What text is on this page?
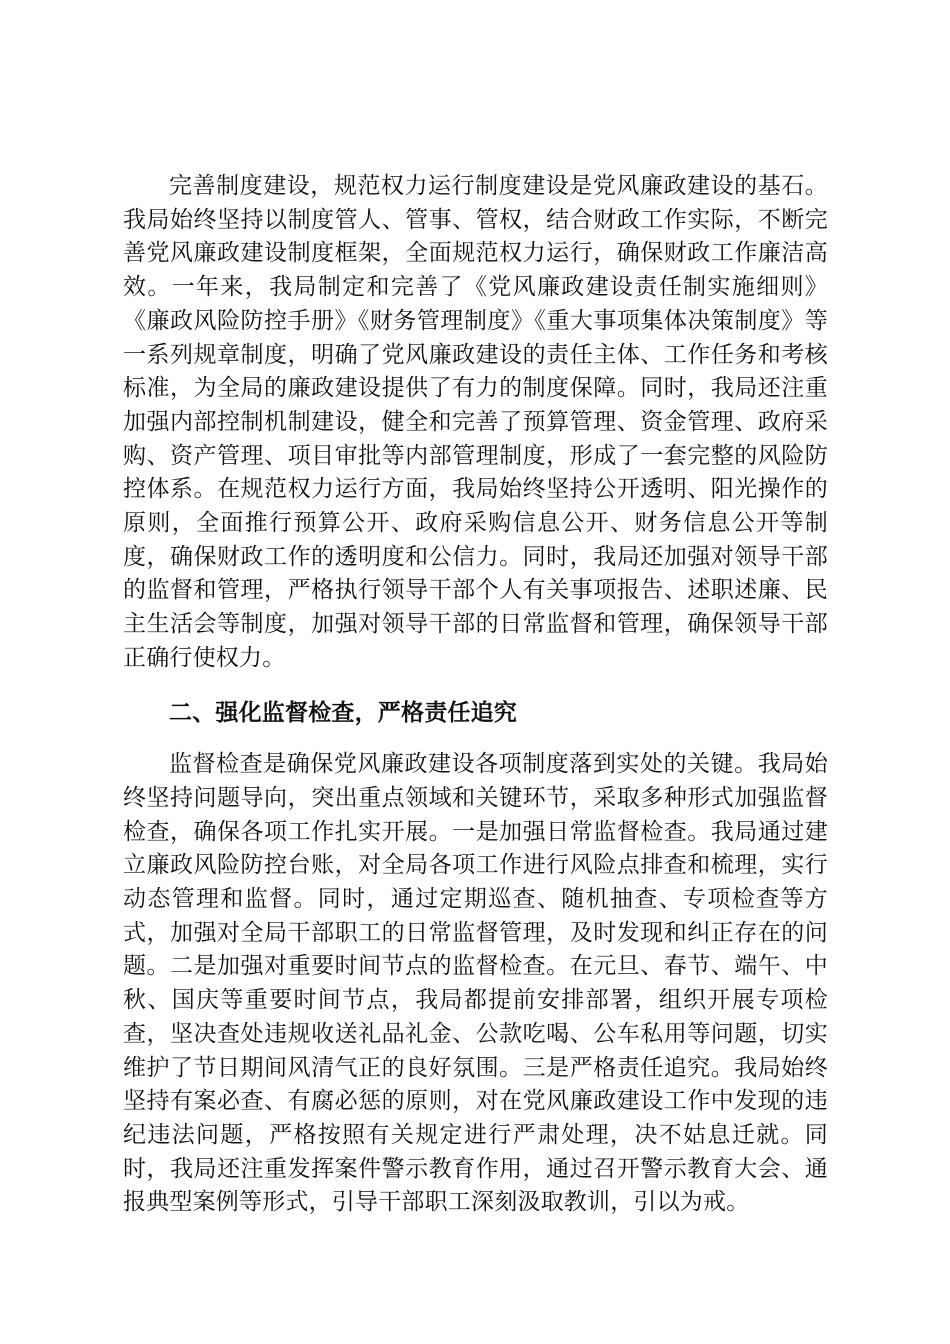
完善制度建设，规范权力运行制度建设是党风廉政建设的基石。我局始终坚持以制度管人、管事、管权，结合财政工作实际，不断完善党风廉政建设制度框架，全面规范权力运行，确保财政工作廉洁高效。一年来，我局制定和完善了《党风廉政建设责任制实施细则》《廉政风险防控手册》《财务管理制度》《重大事项集体决策制度》等一系列规章制度，明确了党风廉政建设的责任主体、工作任务和考核标准，为全局的廉政建设提供了有力的制度保障。同时，我局还注重加强内部控制机制建设，健全和完善了预算管理、资金管理、政府采购、资产管理、项目审批等内部管理制度，形成了一套完整的风险防控体系。在规范权力运行方面，我局始终坚持公开透明、阳光操作的原则，全面推行预算公开、政府采购信息公开、财务信息公开等制度，确保财政工作的透明度和公信力。同时，我局还加强对领导干部的监督和管理，严格执行领导干部个人有关事项报告、述职述廉、民主生活会等制度，加强对领导干部的日常监督和管理，确保领导干部正确行使权力。

二、强化监督检查，严格责任追究

监督检查是确保党风廉政建设各项制度落到实处的关键。我局始终坚持问题导向，突出重点领域和关键环节，采取多种形式加强监督检查，确保各项工作扎实开展。一是加强日常监督检查。我局通过建立廉政风险防控台账，对全局各项工作进行风险点排查和梳理，实行动态管理和监督。同时，通过定期巡查、随机抽查、专项检查等方式，加强对全局干部职工的日常监督管理，及时发现和纠正存在的问题。二是加强对重要时间节点的监督检查。在元旦、春节、端午、中秋、国庆等重要时间节点，我局都提前安排部署，组织开展专项检查，坚决查处违规收送礼品礼金、公款吃喝、公车私用等问题，切实维护了节日期间风清气正的良好氛围。三是严格责任追究。我局始终坚持有案必查、有腐必惩的原则，对在党风廉政建设工作中发现的违纪违法问题，严格按照有关规定进行严肃处理，决不姑息迁就。同时，我局还注重发挥案件警示教育作用，通过召开警示教育大会、通报典型案例等形式，引导干部职工深刻汲取教训，引以为戒。
